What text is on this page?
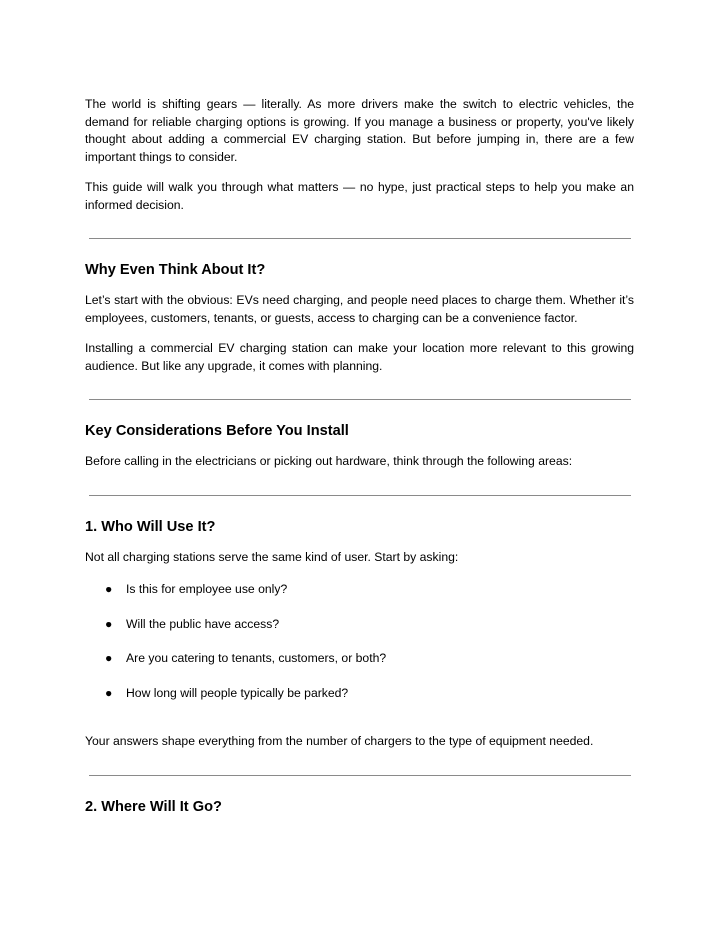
The world is shifting gears — literally. As more drivers make the switch to electric vehicles, the demand for reliable charging options is growing. If you manage a business or property, you've likely thought about adding a commercial EV charging station. But before jumping in, there are a few important things to consider.

This guide will walk you through what matters — no hype, just practical steps to help you make an informed decision.

Why Even Think About It?

Let’s start with the obvious: EVs need charging, and people need places to charge them. Whether it’s employees, customers, tenants, or guests, access to charging can be a convenience factor.

Installing a commercial EV charging station can make your location more relevant to this growing audience. But like any upgrade, it comes with planning.

Key Considerations Before You Install

Before calling in the electricians or picking out hardware, think through the following areas:

1. Who Will Use It?

Not all charging stations serve the same kind of user. Start by asking:

● Is this for employee use only?
● Will the public have access?
● Are you catering to tenants, customers, or both?
● How long will people typically be parked?

Your answers shape everything from the number of chargers to the type of equipment needed.

2. Where Will It Go?
